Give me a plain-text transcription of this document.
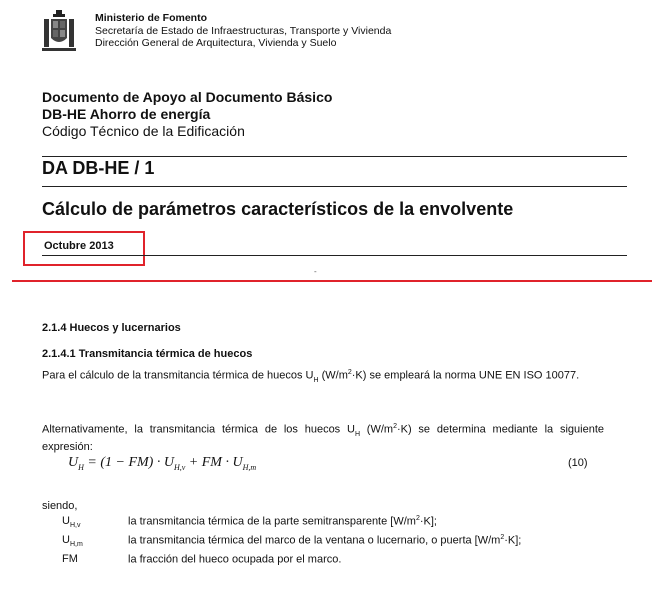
Ministerio de Fomento
Secretaría de Estado de Infraestructuras, Transporte y Vivienda
Dirección General de Arquitectura, Vivienda y Suelo
Documento de Apoyo al Documento Básico
DB-HE Ahorro de energía
Código Técnico de la Edificación
DA DB-HE / 1
Cálculo de parámetros característicos de la envolvente
Octubre 2013
-
2.1.4 Huecos y lucernarios
2.1.4.1 Transmitancia térmica de huecos
Para el cálculo de la transmitancia térmica de huecos $U_H$ $(W/m^2\cdot K)$ se empleará la norma UNE EN ISO 10077.
Alternativamente, la transmitancia térmica de los huecos $U_H$ $(W/m^2\cdot K)$ se determina mediante la siguiente expresión:
$U_H = (1 - FM) \cdot U_{H,v}$ + FM · $U_{H,m}$	(10)
siendo,
$U_{H,v}$	la transmitancia térmica de la parte semitransparente $[W/m^2\cdot K]$;
$U_{H,m}$	la transmitancia térmica del marco de la ventana o lucernario, o puerta $[W/m^2\cdot K]$;
FM	la fracción del hueco ocupada por el marco.
